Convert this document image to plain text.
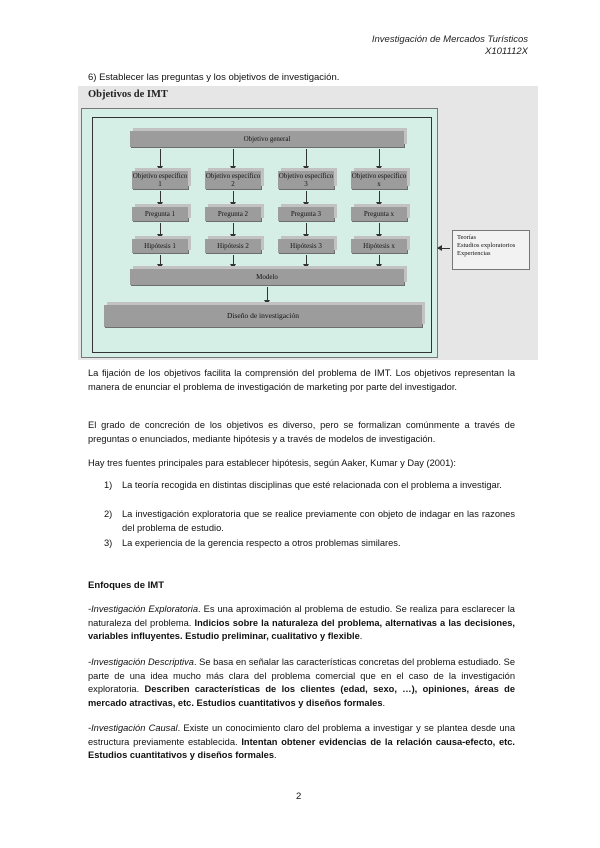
Investigación de Mercados Turísticos
X101112X
6) Establecer las preguntas y los objetivos de investigación.
Objetivos de IMT
Objetivo general
Objetivo específico 1
Objetivo específico 2
Objetivo específico 3
Objetivo específico x
Pregunta 1	Pregunta 2	Pregunta 3	Pregunta x
Hipótesis 1	Hipótesis 2	Hipótesis 3	Hipótesis x
Modelo
Diseño de investigación
Teorías
Estudios exploratorios
Experiencias

La fijación de los objetivos facilita la comprensión del problema de IMT. Los objetivos representan la manera de enunciar el problema de investigación de marketing por parte del investigador.

El grado de concreción de los objetivos es diverso, pero se formalizan comúnmente a través de preguntas o enunciados, mediante hipótesis y a través de modelos de investigación.

Hay tres fuentes principales para establecer hipótesis, según Aaker, Kumar y Day (2001):

1) La teoría recogida en distintas disciplinas que esté relacionada con el problema a investigar.
2) La investigación exploratoria que se realice previamente con objeto de indagar en las razones del problema de estudio.
3) La experiencia de la gerencia respecto a otros problemas similares.
Enfoques de IMT

-Investigación Exploratoria. Es una aproximación al problema de estudio. Se realiza para esclarecer la naturaleza del problema. Indicios sobre la naturaleza del problema, alternativas a las decisiones, variables influyentes. Estudio preliminar, cualitativo y flexible.

-Investigación Descriptiva. Se basa en señalar las características concretas del problema estudiado. Se parte de una idea mucho más clara del problema comercial que en el caso de la investigación exploratoria. Describen características de los clientes (edad, sexo, …), opiniones, áreas de mercado atractivas, etc. Estudios cuantitativos y diseños formales.

-Investigación Causal. Existe un conocimiento claro del problema a investigar y se plantea desde una estructura previamente establecida. Intentan obtener evidencias de la relación causa-efecto, etc. Estudios cuantitativos y diseños formales.

2
